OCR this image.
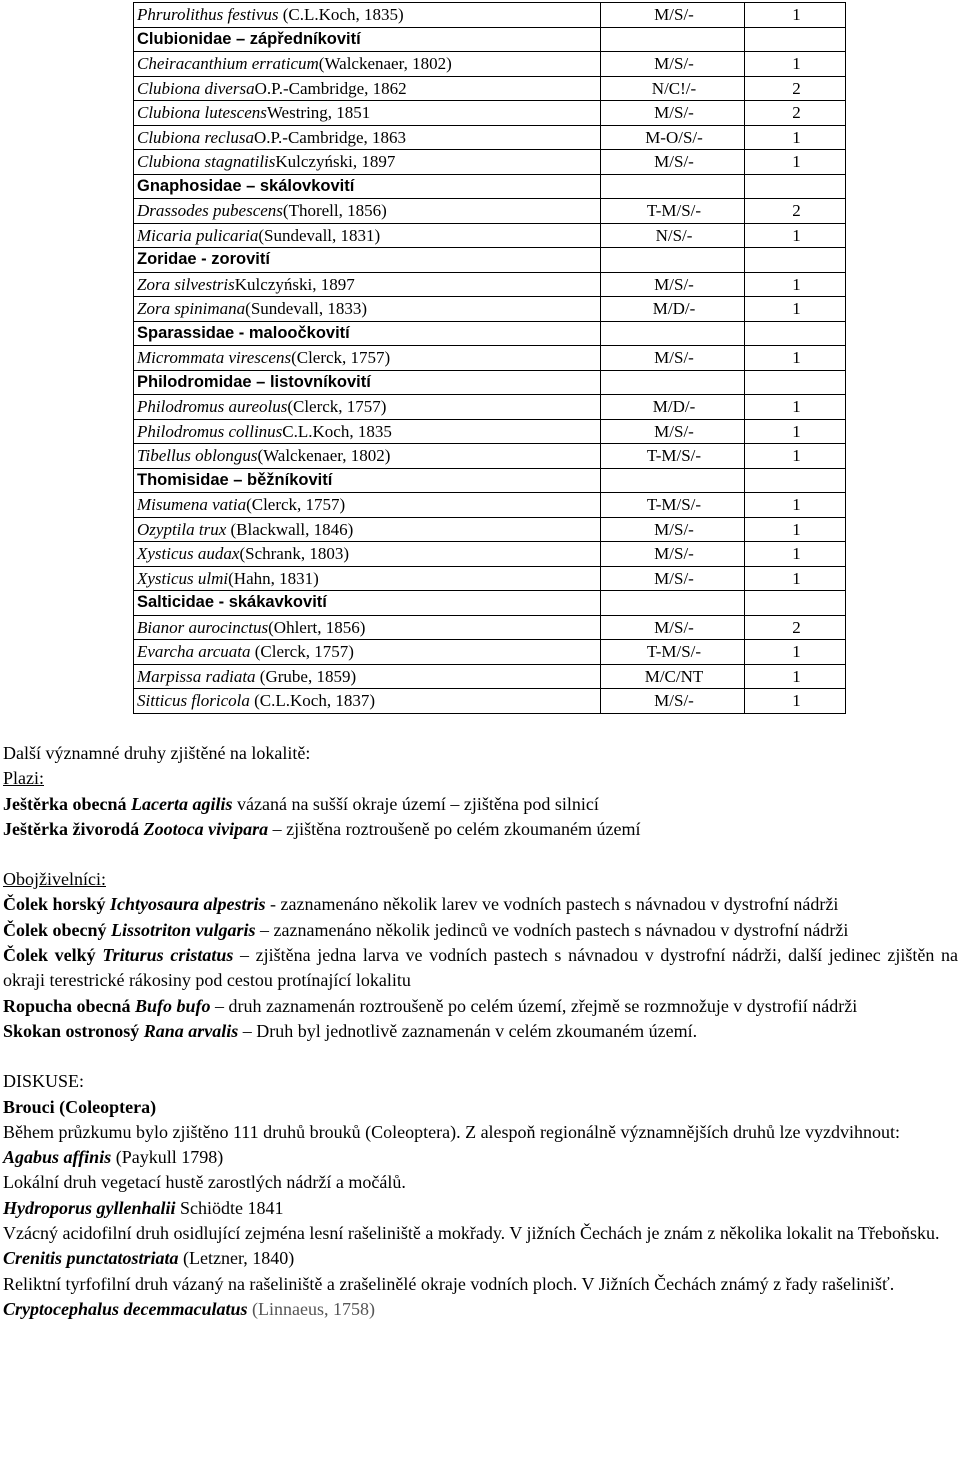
Phrurolithus festivus (C.L.Koch, 1835)	M/S/-	1
Clubionidae – zápředníkovití		
Cheiracanthium erraticum(Walckenaer, 1802)	M/S/-	1
Clubiona diversaO.P.-Cambridge, 1862	N/C!/-	2
Clubiona lutescensWestring, 1851	M/S/-	2
Clubiona reclusaO.P.-Cambridge, 1863	M-O/S/-	1
Clubiona stagnatilisKulczyński, 1897	M/S/-	1
Gnaphosidae – skálovkovití		
Drassodes pubescens(Thorell, 1856)	T-M/S/-	2
Micaria pulicaria(Sundevall, 1831)	N/S/-	1
Zoridae - zorovití		
Zora silvestrisKulczyński, 1897	M/S/-	1
Zora spinimana(Sundevall, 1833)	M/D/-	1
Sparassidae - maloočkovití		
Micrommata virescens(Clerck, 1757)	M/S/-	1
Philodromidae – listovníkovití		
Philodromus aureolus(Clerck, 1757)	M/D/-	1
Philodromus collinusC.L.Koch, 1835	M/S/-	1
Tibellus oblongus(Walckenaer, 1802)	T-M/S/-	1
Thomisidae – běžníkovití		
Misumena vatia(Clerck, 1757)	T-M/S/-	1
Ozyptila trux (Blackwall, 1846)	M/S/-	1
Xysticus audax(Schrank, 1803)	M/S/-	1
Xysticus ulmi(Hahn, 1831)	M/S/-	1
Salticidae - skákavkovití		
Bianor aurocinctus(Ohlert, 1856)	M/S/-	2
Evarcha arcuata (Clerck, 1757)	T-M/S/-	1
Marpissa radiata (Grube, 1859)	M/C/NT	1
Sitticus floricola (C.L.Koch, 1837)	M/S/-	1

Další významné druhy zjištěné na lokalitě:

Plazi:

Ještěrka obecná Lacerta agilis vázaná na sušší okraje území – zjištěna pod silnicí

Ještěrka živorodá Zootoca vivipara – zjištěna roztroušeně po celém zkoumaném území

Obojživelníci:

Čolek horský Ichtyosaura alpestris - zaznamenáno několik larev ve vodních pastech s návnadou v dystrofní nádrži

Čolek obecný Lissotriton vulgaris – zaznamenáno několik jedinců ve vodních pastech s návnadou v dystrofní nádrži

Čolek velký Triturus cristatus – zjištěna jedna larva ve vodních pastech s návnadou v dystrofní nádrži, další jedinec zjištěn na okraji terestrické rákosiny pod cestou protínající lokalitu

Ropucha obecná Bufo bufo – druh zaznamenán roztroušeně po celém území, zřejmě se rozmnožuje v dystrofií nádrži

Skokan ostronosý Rana arvalis – Druh byl jednotlivě zaznamenán v celém zkoumaném území.

DISKUSE:

Brouci (Coleoptera)

Během průzkumu bylo zjištěno 111 druhů brouků (Coleoptera). Z alespoň regionálně významnějších druhů lze vyzdvihnout:

Agabus affinis (Paykull 1798)

Lokální druh vegetací hustě zarostlých nádrží a močálů.

Hydroporus gyllenhalii Schiödte 1841

Vzácný acidofilní druh osidlující zejména lesní rašeliniště a mokřady. V jižních Čechách je znám z několika lokalit na Třeboňsku.

Crenitis punctatostriata (Letzner, 1840)

Reliktní tyrfofilní druh vázaný na rašeliniště a zrašelinělé okraje vodních ploch. V Jižních Čechách známý z řady rašelinišť.

Cryptocephalus decemmaculatus (Linnaeus, 1758)
